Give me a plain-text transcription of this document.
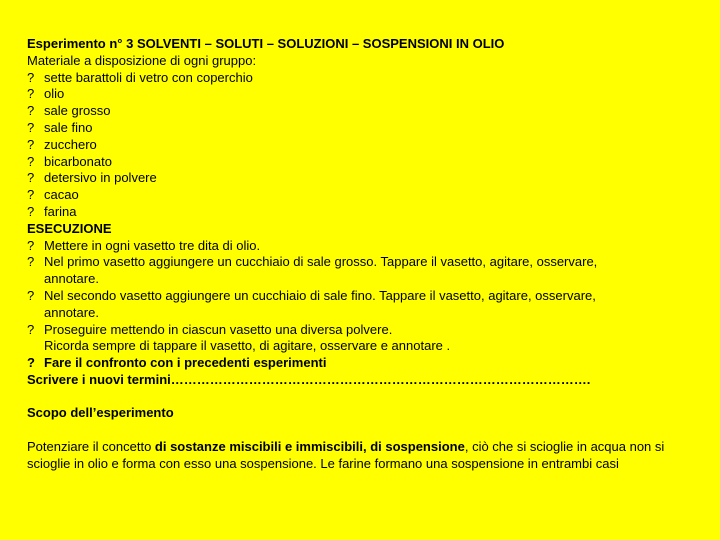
Esperimento n° 3 SOLVENTI – SOLUTI – SOLUZIONI – SOSPENSIONI IN OLIO
Materiale a disposizione di ogni gruppo:
? sette barattoli di vetro con coperchio
? olio
? sale grosso
? sale fino
? zucchero
? bicarbonato
? detersivo in polvere
? cacao
? farina
ESECUZIONE
? Mettere in ogni vasetto tre dita di olio.
? Nel primo vasetto aggiungere un cucchiaio di sale grosso. Tappare il vasetto, agitare, osservare,
annotare.
? Nel secondo vasetto aggiungere un cucchiaio di sale fino. Tappare il vasetto, agitare, osservare,
annotare.
? Proseguire mettendo in ciascun vasetto una diversa polvere.
Ricorda sempre di tappare il vasetto, di agitare, osservare e annotare .
? Fare il confronto con i precedenti esperimenti
Scrivere i nuovi termini…………………………………………………………………………………….
Scopo dell’esperimento
Potenziare il concetto di sostanze miscibili e immiscibili, di sospensione, ciò che si scioglie in acqua non si scioglie in olio e forma con esso una sospensione. Le farine formano una sospensione in entrambi casi
